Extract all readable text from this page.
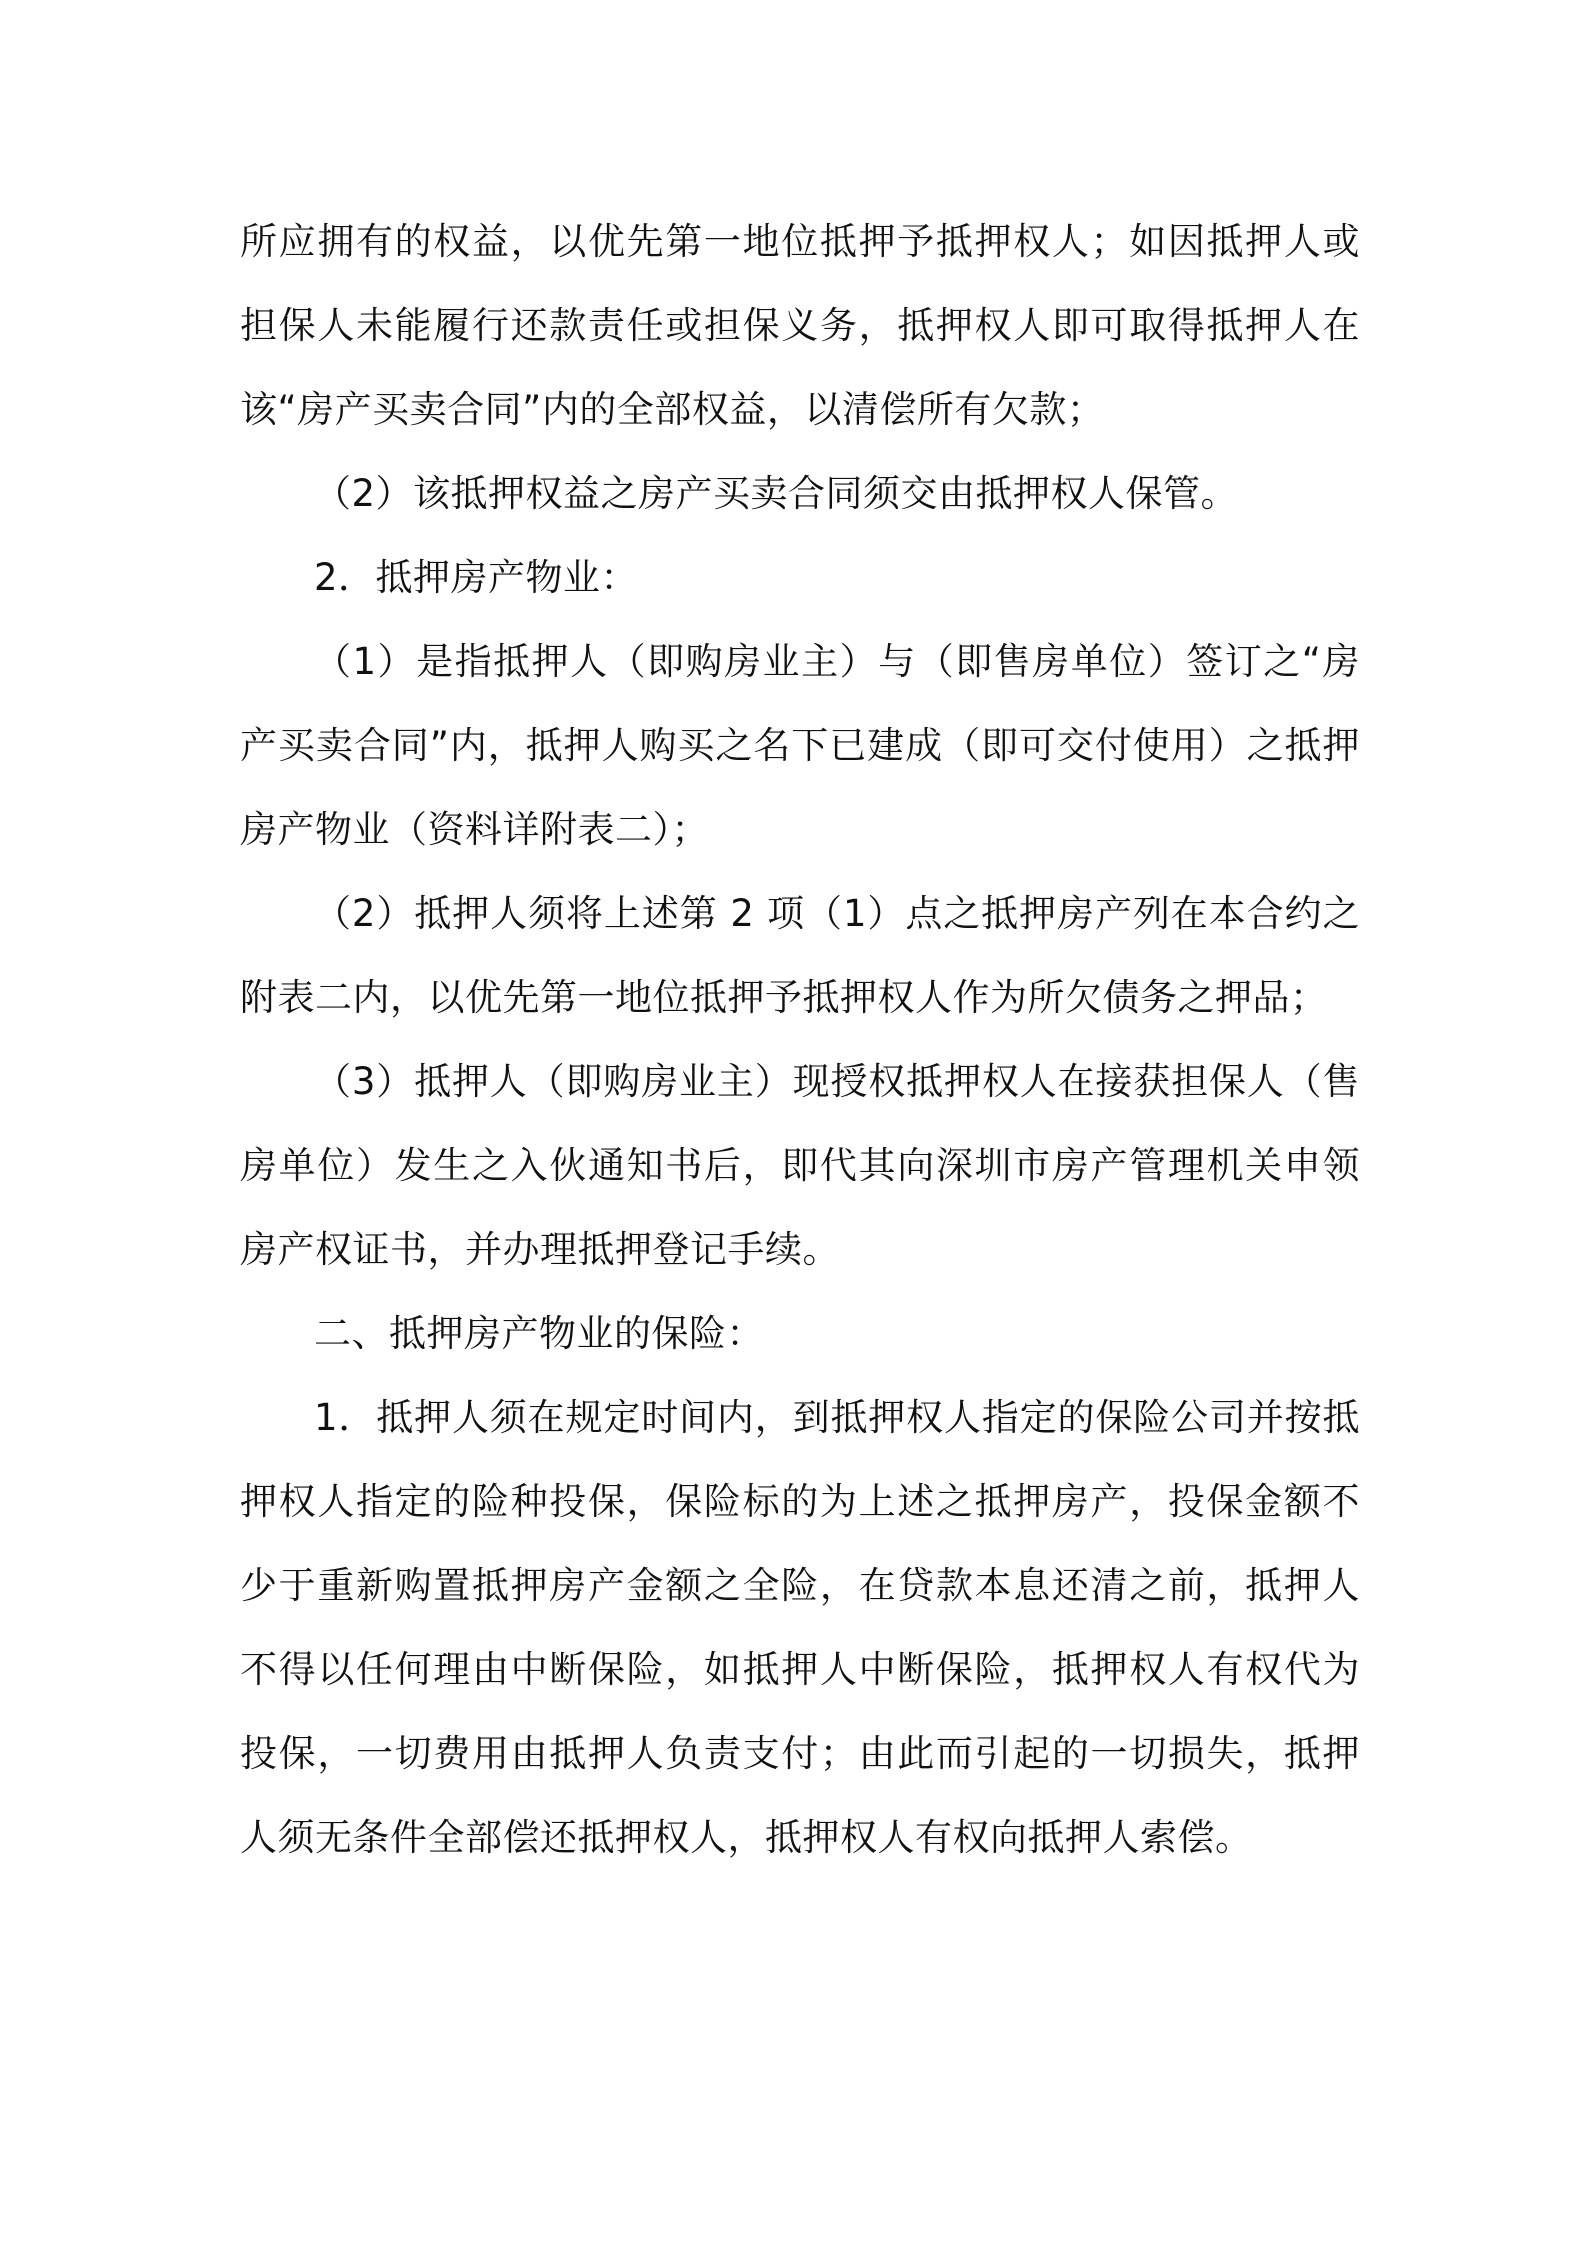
所应拥有的权益，以优先第一地位抵押予抵押权人；如因抵押人或担保人未能履行还款责任或担保义务，抵押权人即可取得抵押人在该“房产买卖合同”内的全部权益，以清偿所有欠款；

（2）该抵押权益之房产买卖合同须交由抵押权人保管。

2．抵押房产物业：

（1）是指抵押人（即购房业主）与（即售房单位）签订之“房产买卖合同”内，抵押人购买之名下已建成（即可交付使用）之抵押房产物业（资料详附表二）；

（2）抵押人须将上述第 2 项（1）点之抵押房产列在本合约之附表二内，以优先第一地位抵押予抵押权人作为所欠债务之押品；

（3）抵押人（即购房业主）现授权抵押权人在接获担保人（售房单位）发生之入伙通知书后，即代其向深圳市房产管理机关申领房产权证书，并办理抵押登记手续。

二、抵押房产物业的保险：

1．抵押人须在规定时间内，到抵押权人指定的保险公司并按抵押权人指定的险种投保，保险标的为上述之抵押房产，投保金额不少于重新购置抵押房产金额之全险，在贷款本息还清之前，抵押人不得以任何理由中断保险，如抵押人中断保险，抵押权人有权代为投保，一切费用由抵押人负责支付；由此而引起的一切损失，抵押人须无条件全部偿还抵押权人，抵押权人有权向抵押人索偿。
